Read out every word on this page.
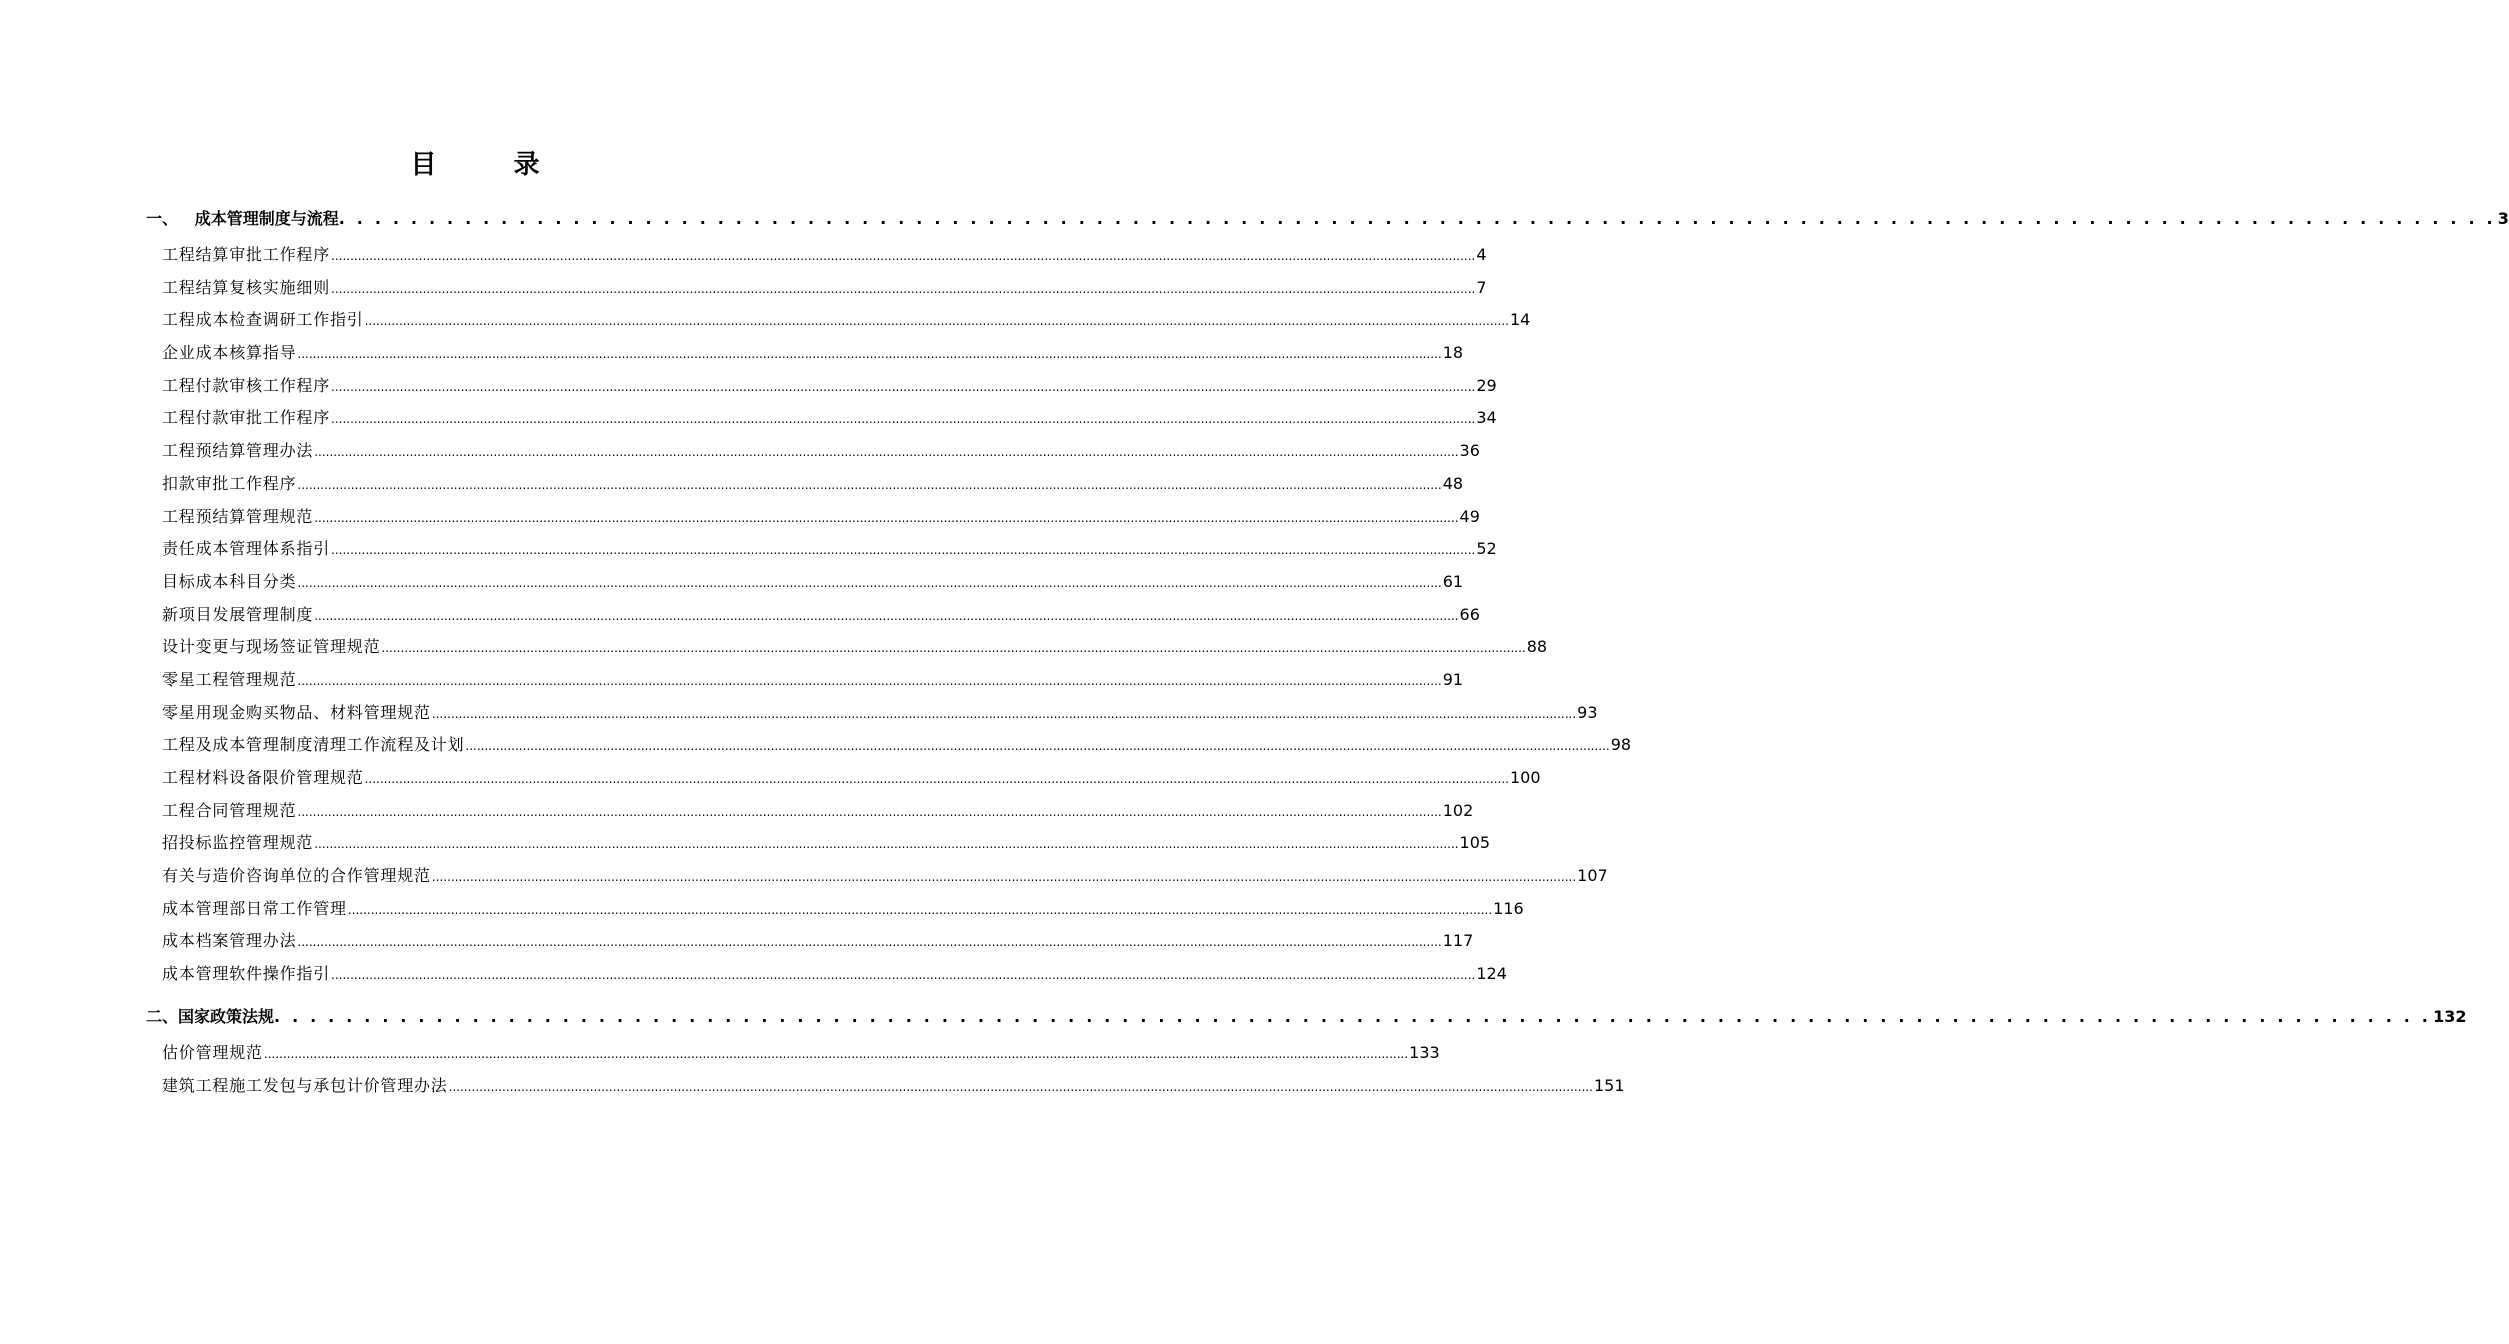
目 录
一、 成本管理制度与流程 . . . . . . . . . . . . . . . . . . . . . . . . . . . . . . . . . . . . . . . . . . . . . . . . . . . . . . . . . . . . . . . . . . . . . . . . . . . . . . . . . . . . . . . . . . . . . . . . . . . . . . . . . . . . . . . . . . . . . . . . 3
工程结算审批工作程序 ............................................................................................................................................................................................................................................................................................................ 4
工程结算复核实施细则 ............................................................................................................................................................................................................................................................................................................ 7
工程成本检查调研工作指引 ............................................................................................................................................................................................................................................................................................................ 14
企业成本核算指导 ............................................................................................................................................................................................................................................................................................................ 18
工程付款审核工作程序 ............................................................................................................................................................................................................................................................................................................ 29
工程付款审批工作程序 ............................................................................................................................................................................................................................................................................................................ 34
工程预结算管理办法 ............................................................................................................................................................................................................................................................................................................ 36
扣款审批工作程序 ............................................................................................................................................................................................................................................................................................................ 48
工程预结算管理规范 ............................................................................................................................................................................................................................................................................................................ 49
责任成本管理体系指引 ............................................................................................................................................................................................................................................................................................................ 52
目标成本科目分类 ............................................................................................................................................................................................................................................................................................................ 61
新项目发展管理制度 ............................................................................................................................................................................................................................................................................................................ 66
设计变更与现场签证管理规范 ............................................................................................................................................................................................................................................................................................................ 88
零星工程管理规范 ............................................................................................................................................................................................................................................................................................................ 91
零星用现金购买物品、材料管理规范 ............................................................................................................................................................................................................................................................................................................ 93
工程及成本管理制度清理工作流程及计划 ............................................................................................................................................................................................................................................................................................................ 98
工程材料设备限价管理规范 ............................................................................................................................................................................................................................................................................................................ 100
工程合同管理规范 ............................................................................................................................................................................................................................................................................................................ 102
招投标监控管理规范 ............................................................................................................................................................................................................................................................................................................ 105
有关与造价咨询单位的合作管理规范 ............................................................................................................................................................................................................................................................................................................ 107
成本管理部日常工作管理 ............................................................................................................................................................................................................................................................................................................ 116
成本档案管理办法 ............................................................................................................................................................................................................................................................................................................ 117
成本管理软件操作指引 ............................................................................................................................................................................................................................................................................................................ 124
二、 国家政策法规 . . . . . . . . . . . . . . . . . . . . . . . . . . . . . . . . . . . . . . . . . . . . . . . . . . . . . . . . . . . . . . . . . . . . . . . . . . . . . . . . . . . . . . . . . . . . . . . . . . . . . . . . . . . . . . . . . . . . . . . . 132
估价管理规范 ............................................................................................................................................................................................................................................................................................................ 133
建筑工程施工发包与承包计价管理办法 ............................................................................................................................................................................................................................................................................................................ 151
